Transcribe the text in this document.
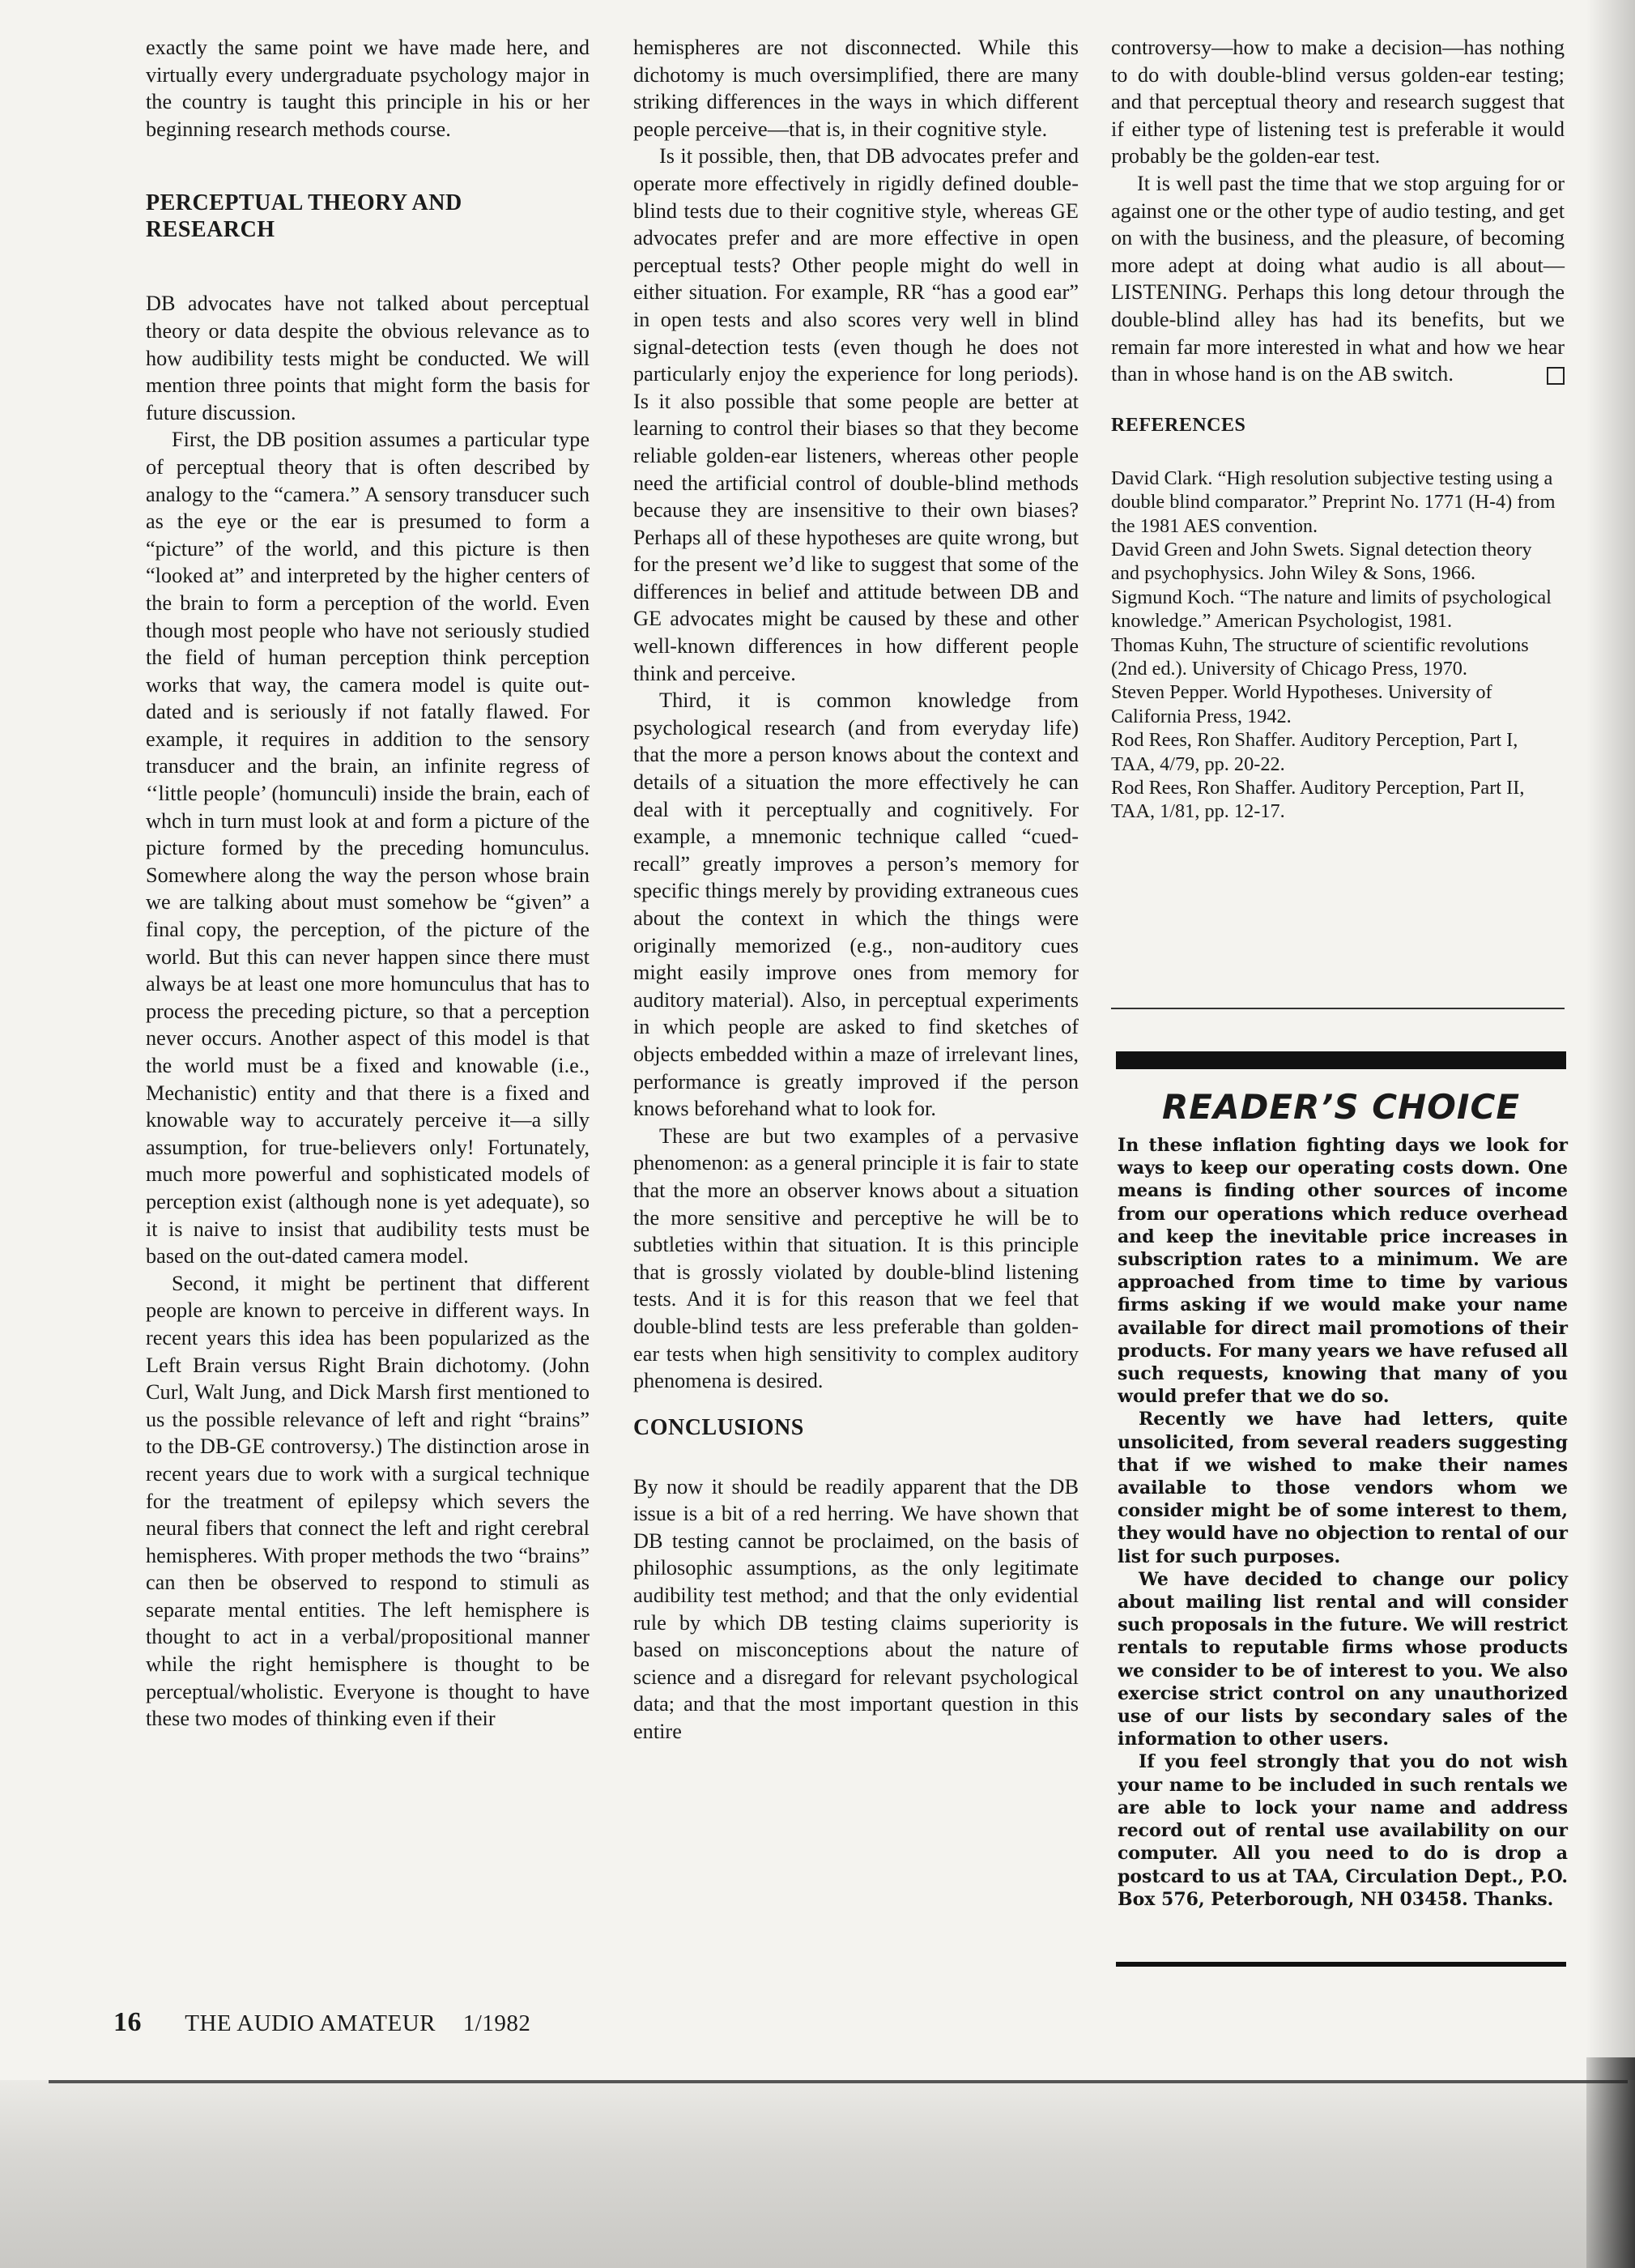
exactly the same point we have made here, and virtually every undergraduate psychology major in the country is taught this principle in his or her beginning research methods course.

PERCEPTUAL THEORY AND RESEARCH

DB advocates have not talked about perceptual theory or data despite the obvious relevance as to how audibility tests might be conducted. We will mention three points that might form the basis for future discussion.

First, the DB position assumes a particular type of perceptual theory that is often described by analogy to the “camera.” A sensory transducer such as the eye or the ear is presumed to form a “picture” of the world, and this picture is then “looked at” and interpreted by the higher centers of the brain to form a perception of the world. Even though most people who have not seriously studied the field of human perception think perception works that way, the camera model is quite out-dated and is seriously if not fatally flawed. For example, it requires in addition to the sensory transducer and the brain, an infinite regress of ‘‘little people’ (homunculi) inside the brain, each of whch in turn must look at and form a picture of the picture formed by the preceding homunculus. Somewhere along the way the person whose brain we are talking about must somehow be “given” a final copy, the perception, of the picture of the world. But this can never happen since there must always be at least one more homunculus that has to process the preceding picture, so that a perception never occurs. Another aspect of this model is that the world must be a fixed and knowable (i.e., Mechanistic) entity and that there is a fixed and knowable way to accurately perceive it—a silly assumption, for true-believers only! Fortunately, much more powerful and sophisticated models of perception exist (although none is yet adequate), so it is naive to insist that audibility tests must be based on the out-dated camera model.

Second, it might be pertinent that different people are known to perceive in different ways. In recent years this idea has been popularized as the Left Brain versus Right Brain dichotomy. (John Curl, Walt Jung, and Dick Marsh first mentioned to us the possible relevance of left and right “brains” to the DB-GE controversy.) The distinction arose in recent years due to work with a surgical technique for the treatment of epilepsy which severs the neural fibers that connect the left and right cerebral hemispheres. With proper methods the two “brains” can then be observed to respond to stimuli as separate mental entities. The left hemisphere is thought to act in a verbal/propositional manner while the right hemisphere is thought to be perceptual/wholistic. Everyone is thought to have these two modes of thinking even if their

hemispheres are not disconnected. While this dichotomy is much oversimplified, there are many striking differences in the ways in which different people perceive—that is, in their cognitive style.

Is it possible, then, that DB advocates prefer and operate more effectively in rigidly defined double-blind tests due to their cognitive style, whereas GE advocates prefer and are more effective in open perceptual tests? Other people might do well in either situation. For example, RR “has a good ear” in open tests and also scores very well in blind signal-detection tests (even though he does not particularly enjoy the experience for long periods). Is it also possible that some people are better at learning to control their biases so that they become reliable golden-ear listeners, whereas other people need the artificial control of double-blind methods because they are insensitive to their own biases? Perhaps all of these hypotheses are quite wrong, but for the present we’d like to suggest that some of the differences in belief and attitude between DB and GE advocates might be caused by these and other well-known differences in how different people think and perceive.

Third, it is common knowledge from psychological research (and from everyday life) that the more a person knows about the context and details of a situation the more effectively he can deal with it perceptually and cognitively. For example, a mnemonic technique called “cued-recall” greatly improves a person’s memory for specific things merely by providing extraneous cues about the context in which the things were originally memorized (e.g., non-auditory cues might easily improve ones from memory for auditory material). Also, in perceptual experiments in which people are asked to find sketches of objects embedded within a maze of irrelevant lines, performance is greatly improved if the person knows beforehand what to look for.

These are but two examples of a pervasive phenomenon: as a general principle it is fair to state that the more an observer knows about a situation the more sensitive and perceptive he will be to subtleties within that situation. It is this principle that is grossly violated by double-blind listening tests. And it is for this reason that we feel that double-blind tests are less preferable than golden-ear tests when high sensitivity to complex auditory phenomena is desired.

CONCLUSIONS

By now it should be readily apparent that the DB issue is a bit of a red herring. We have shown that DB testing cannot be proclaimed, on the basis of philosophic assumptions, as the only legitimate audibility test method; and that the only evidential rule by which DB testing claims superiority is based on misconceptions about the nature of science and a disregard for relevant psychological data; and that the most important question in this entire

controversy—how to make a decision—has nothing to do with double-blind versus golden-ear testing; and that perceptual theory and research suggest that if either type of listening test is preferable it would probably be the golden-ear test.

It is well past the time that we stop arguing for or against one or the other type of audio testing, and get on with the business, and the pleasure, of becoming more adept at doing what audio is all about—LISTENING. Perhaps this long detour through the double-blind alley has had its benefits, but we remain far more interested in what and how we hear than in whose hand is on the AB switch.

REFERENCES
David Clark. “High resolution subjective testing using a double blind comparator.” Preprint No. 1771 (H-4) from the 1981 AES convention.
David Green and John Swets. Signal detection theory and psychophysics. John Wiley & Sons, 1966.
Sigmund Koch. “The nature and limits of psychological knowledge.” American Psychologist, 1981.
Thomas Kuhn, The structure of scientific revolutions (2nd ed.). University of Chicago Press, 1970.
Steven Pepper. World Hypotheses. University of California Press, 1942.
Rod Rees, Ron Shaffer. Auditory Perception, Part I, TAA, 4/79, pp. 20-22.
Rod Rees, Ron Shaffer. Auditory Perception, Part II, TAA, 1/81, pp. 12-17.
READER’S CHOICE

In these inflation fighting days we look for ways to keep our operating costs down. One means is finding other sources of income from our operations which reduce overhead and keep the inevitable price increases in subscription rates to a minimum. We are approached from time to time by various firms asking if we would make your name available for direct mail promotions of their products. For many years we have refused all such requests, knowing that many of you would prefer that we do so.

Recently we have had letters, quite unsolicited, from several readers suggesting that if we wished to make their names available to those vendors whom we consider might be of some interest to them, they would have no objection to rental of our list for such purposes.

We have decided to change our policy about mailing list rental and will consider such proposals in the future. We will restrict rentals to reputable firms whose products we consider to be of interest to you. We also exercise strict control on any unauthorized use of our lists by secondary sales of the information to other users.

If you feel strongly that you do not wish your name to be included in such rentals we are able to lock your name and address record out of rental use availability on our computer. All you need to do is drop a postcard to us at TAA, Circulation Dept., P.O. Box 576, Peterborough, NH 03458. Thanks.

16 THE AUDIO AMATEUR 1/1982
